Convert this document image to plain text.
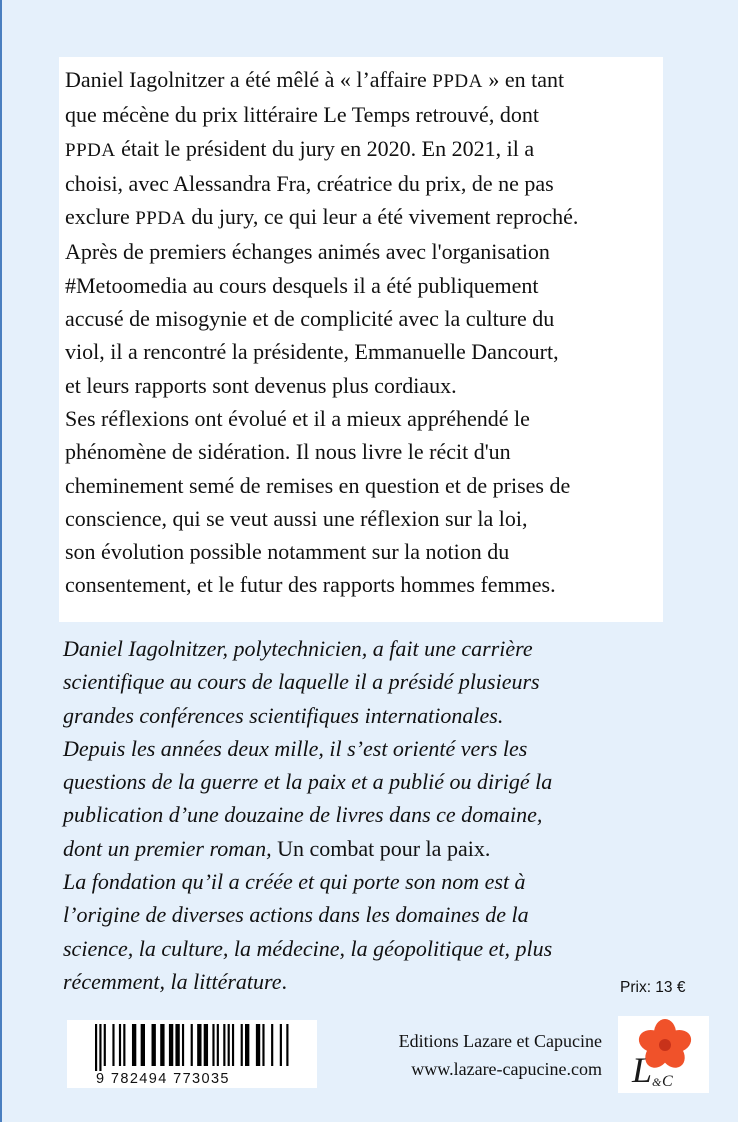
Daniel Iagolnitzer a été mêlé à « l’affaire PPDA » en tant
que mécène du prix littéraire Le Temps retrouvé, dont
PPDA était le président du jury en 2020. En 2021, il a
choisi, avec Alessandra Fra, créatrice du prix, de ne pas
exclure PPDA du jury, ce qui leur a été vivement reproché.
Après de premiers échanges animés avec l'organisation
#Metoomedia au cours desquels il a été publiquement
accusé de misogynie et de complicité avec la culture du
viol, il a rencontré la présidente, Emmanuelle Dancourt,
et leurs rapports sont devenus plus cordiaux.
Ses réflexions ont évolué et il a mieux appréhendé le
phénomène de sidération. Il nous livre le récit d'un
cheminement semé de remises en question et de prises de
conscience, qui se veut aussi une réflexion sur la loi,
son évolution possible notamment sur la notion du
consentement, et le futur des rapports hommes femmes.
Daniel Iagolnitzer, polytechnicien, a fait une carrière
scientifique au cours de laquelle il a présidé plusieurs
grandes conférences scientifiques internationales.
Depuis les années deux mille, il s’est orienté vers les
questions de la guerre et la paix et a publié ou dirigé la
publication d’une douzaine de livres dans ce domaine,
dont un premier roman, Un combat pour la paix.
La fondation qu’il a créée et qui porte son nom est à
l’origine de diverses actions dans les domaines de la
science, la culture, la médecine, la géopolitique et, plus
récemment, la littérature.	Prix: 13 €
9 782494 773035
Editions Lazare et Capucine
www.lazare-capucine.com L & C
